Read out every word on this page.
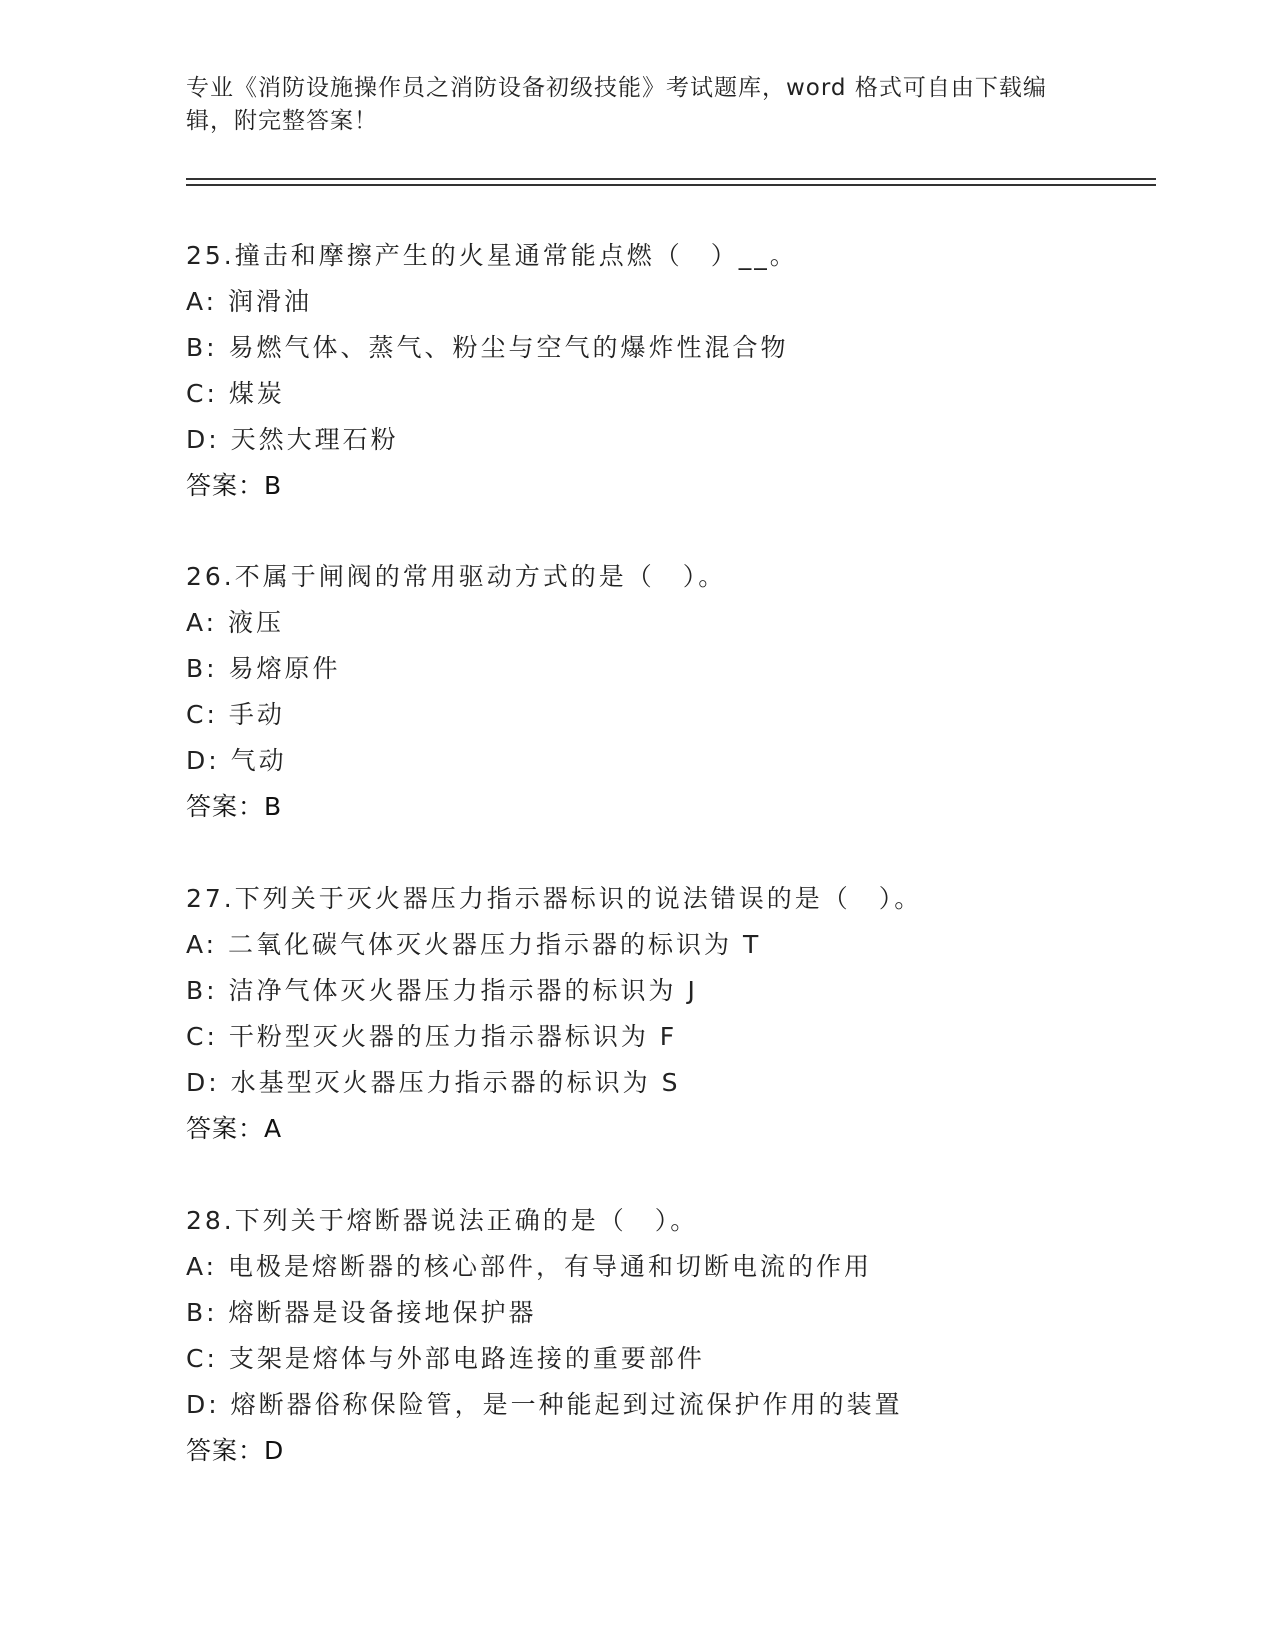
专业《消防设施操作员之消防设备初级技能》考试题库，word 格式可自由下载编
辑，附完整答案！
25.撞击和摩擦产生的火星通常能点燃（　）__。
A: 润滑油
B: 易燃气体、蒸气、粉尘与空气的爆炸性混合物
C: 煤炭
D: 天然大理石粉
答案：B
26.不属于闸阀的常用驱动方式的是（　）。
A: 液压
B: 易熔原件
C: 手动
D: 气动
答案：B
27.下列关于灭火器压力指示器标识的说法错误的是（　）。
A: 二氧化碳气体灭火器压力指示器的标识为 T
B: 洁净气体灭火器压力指示器的标识为 J
C: 干粉型灭火器的压力指示器标识为 F
D: 水基型灭火器压力指示器的标识为 S
答案：A
28.下列关于熔断器说法正确的是（　）。
A: 电极是熔断器的核心部件，有导通和切断电流的作用
B: 熔断器是设备接地保护器
C: 支架是熔体与外部电路连接的重要部件
D: 熔断器俗称保险管，是一种能起到过流保护作用的装置
答案：D
